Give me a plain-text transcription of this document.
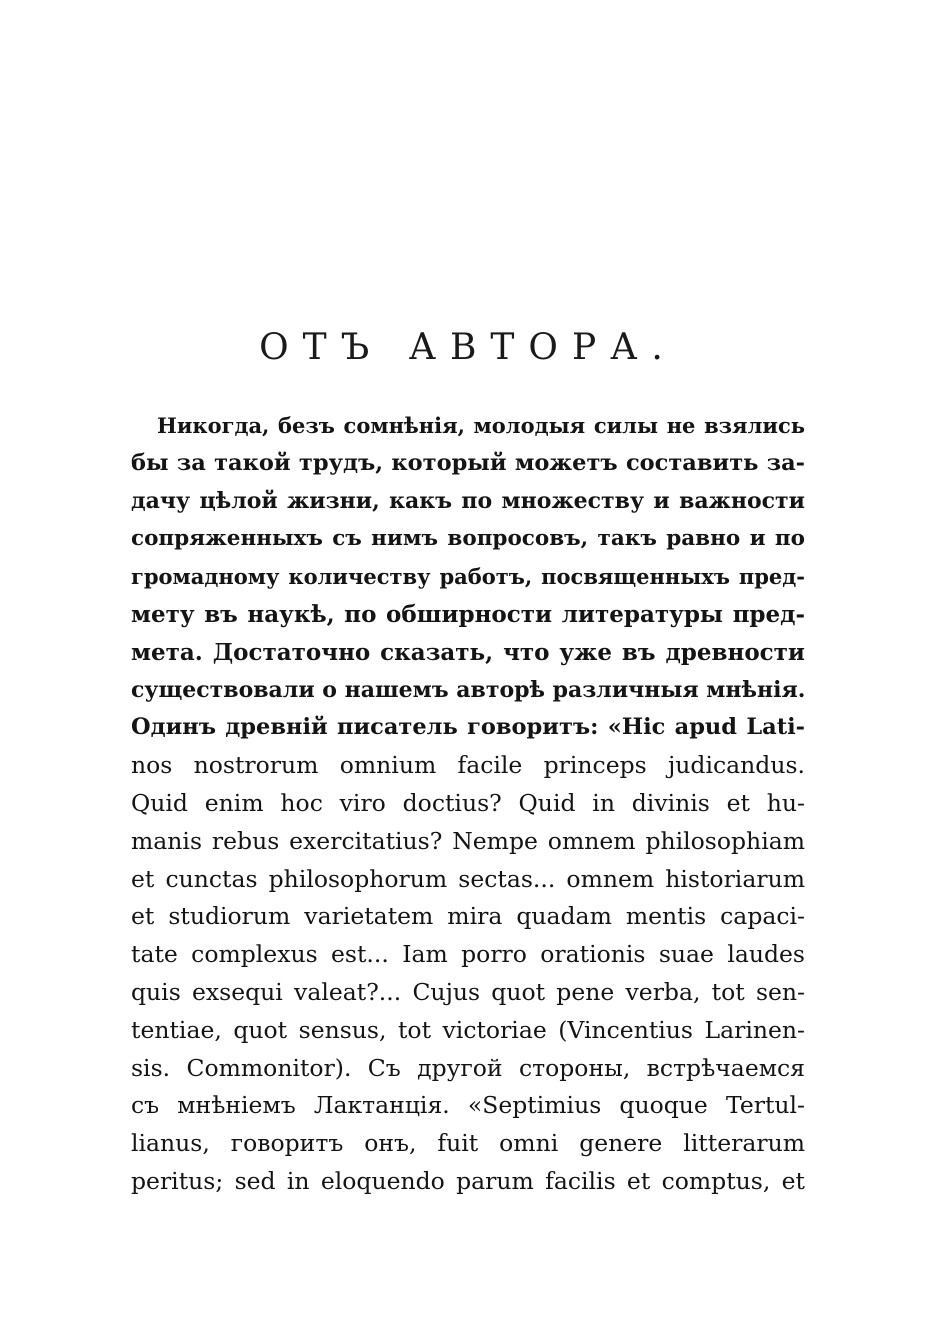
ОТЪ АВТОРА.
Никогда, безъ сомнѣнія, молодыя силы не взялись
бы за такой трудъ, который можетъ составить за-
дачу цѣлой жизни, какъ по множеству и важности
сопряженныхъ съ нимъ вопросовъ, такъ равно и по
громадному количеству работъ, посвященныхъ пред-
мету въ наукѣ, по обширности литературы пред-
мета. Достаточно сказать, что уже въ древности
существовали о нашемъ авторѣ различныя мнѣнія.
Одинъ древній писатель говоритъ: «Hic apud Lati-
nos nostrorum omnium facile princeps judicandus.
Quid enim hoc viro doctius? Quid in divinis et hu-
manis rebus exercitatius? Nempe omnem philosophiam
et cunctas philosophorum sectas... omnem historiarum
et studiorum varietatem mira quadam mentis capaci-
tate complexus est... Iam porro orationis suae laudes
quis exsequi valeat?... Cujus quot pene verba, tot sen-
tentiae, quot sensus, tot victoriae (Vincentius Larinen-
sis. Commonitor). Съ другой стороны, встрѣчаемся
съ мнѣніемъ Лактанція. «Septimius quoque Tertul-
lianus, говоритъ онъ, fuit omni genere litterarum
peritus; sed in eloquendo parum facilis et comptus, et
